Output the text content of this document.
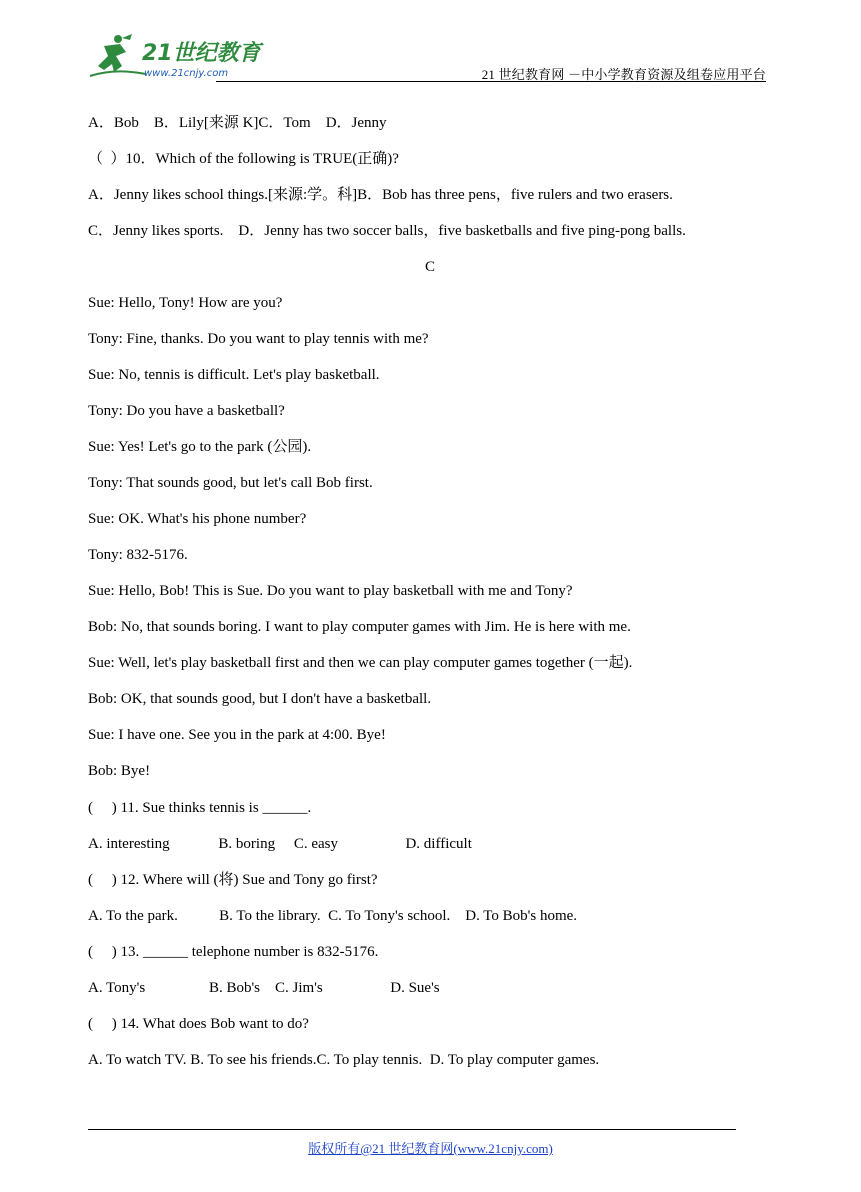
21世纪教育
www.21cnjy.com	21 世纪教育网 －中小学教育资源及组卷应用平台
A．Bob    B．Lily[来源 K]C．Tom    D．Jenny
（  ）10．Which of the following is TRUE(正确)?
A．Jenny likes school things.[来源:学。科]B．Bob has three pens，five rulers and two erasers.
C．Jenny likes sports.    D．Jenny has two soccer balls，five basketballs and five ping-pong balls.
C
Sue: Hello, Tony! How are you?
Tony: Fine, thanks. Do you want to play tennis with me?
Sue: No, tennis is difficult. Let's play basketball.
Tony: Do you have a basketball?
Sue: Yes! Let's go to the park (公园).
Tony: That sounds good, but let's call Bob first.
Sue: OK. What's his phone number?
Tony: 832-5176.
Sue: Hello, Bob! This is Sue. Do you want to play basketball with me and Tony?
Bob: No, that sounds boring. I want to play computer games with Jim. He is here with me.
Sue: Well, let's play basketball first and then we can play computer games together (一起).
Bob: OK, that sounds good, but I don't have a basketball.
Sue: I have one. See you in the park at 4:00. Bye!
Bob: Bye!
(     ) 11. Sue thinks tennis is ______.
A. interesting             B. boring     C. easy                  D. difficult
(     ) 12. Where will (将) Sue and Tony go first?
A. To the park.           B. To the library.  C. To Tony's school.    D. To Bob's home.
(     ) 13. ______ telephone number is 832-5176.
A. Tony's                 B. Bob's    C. Jim's                  D. Sue's
(     ) 14. What does Bob want to do?
A. To watch TV. B. To see his friends.C. To play tennis.  D. To play computer games.
版权所有@21 世纪教育网(www.21cnjy.com)
